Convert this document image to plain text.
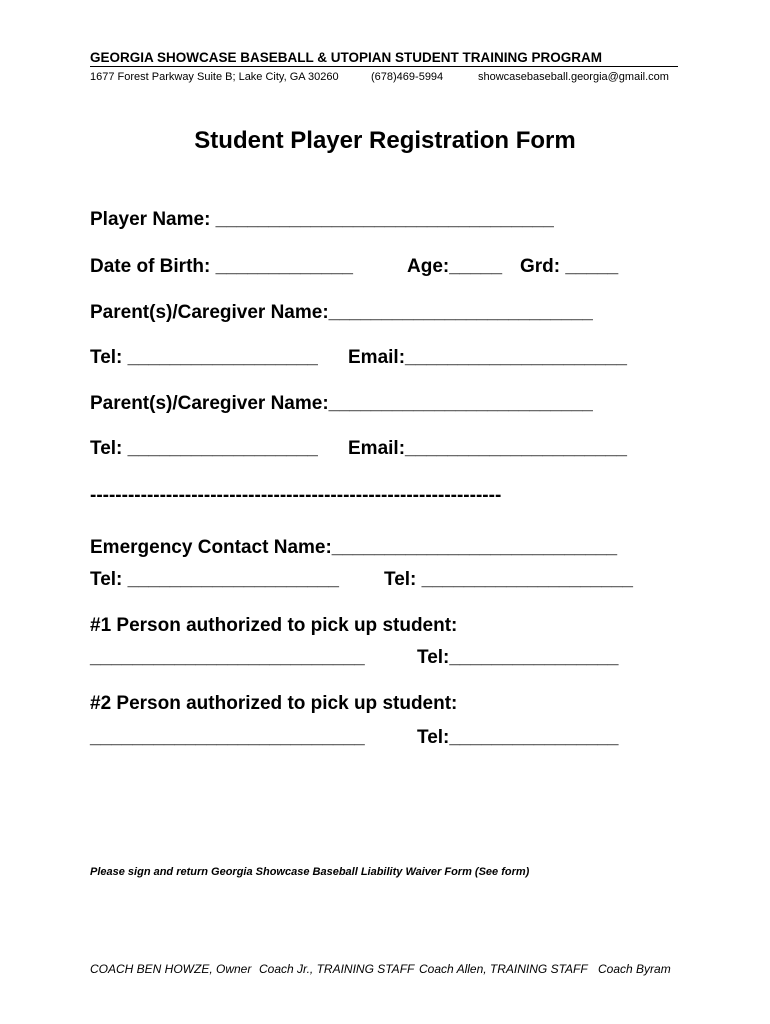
GEORGIA SHOWCASE BASEBALL & UTOPIAN STUDENT TRAINING PROGRAM
1677 Forest Parkway Suite B; Lake City, GA 30260	(678)469-5994	showcasebaseball.georgia@gmail.com
Student Player Registration Form
Player Name: ________________________________
Date of Birth: _____________	Age:_____ Grd: _____
Parent(s)/Caregiver Name:_________________________
Tel: __________________ Email:_____________________
Parent(s)/Caregiver Name:_________________________
Tel: __________________ Email:_____________________
-----------------------------------------------------------------
Emergency Contact Name:___________________________
Tel: ____________________ Tel: ____________________
#1 Person authorized to pick up student:
__________________________	Tel:________________
#2 Person authorized to pick up student:
__________________________	Tel:________________
Please sign and return Georgia Showcase Baseball Liability Waiver Form (See form)
COACH BEN HOWZE, Owner Coach Jr., TRAINING STAFF Coach Allen, TRAINING STAFF Coach Byram
